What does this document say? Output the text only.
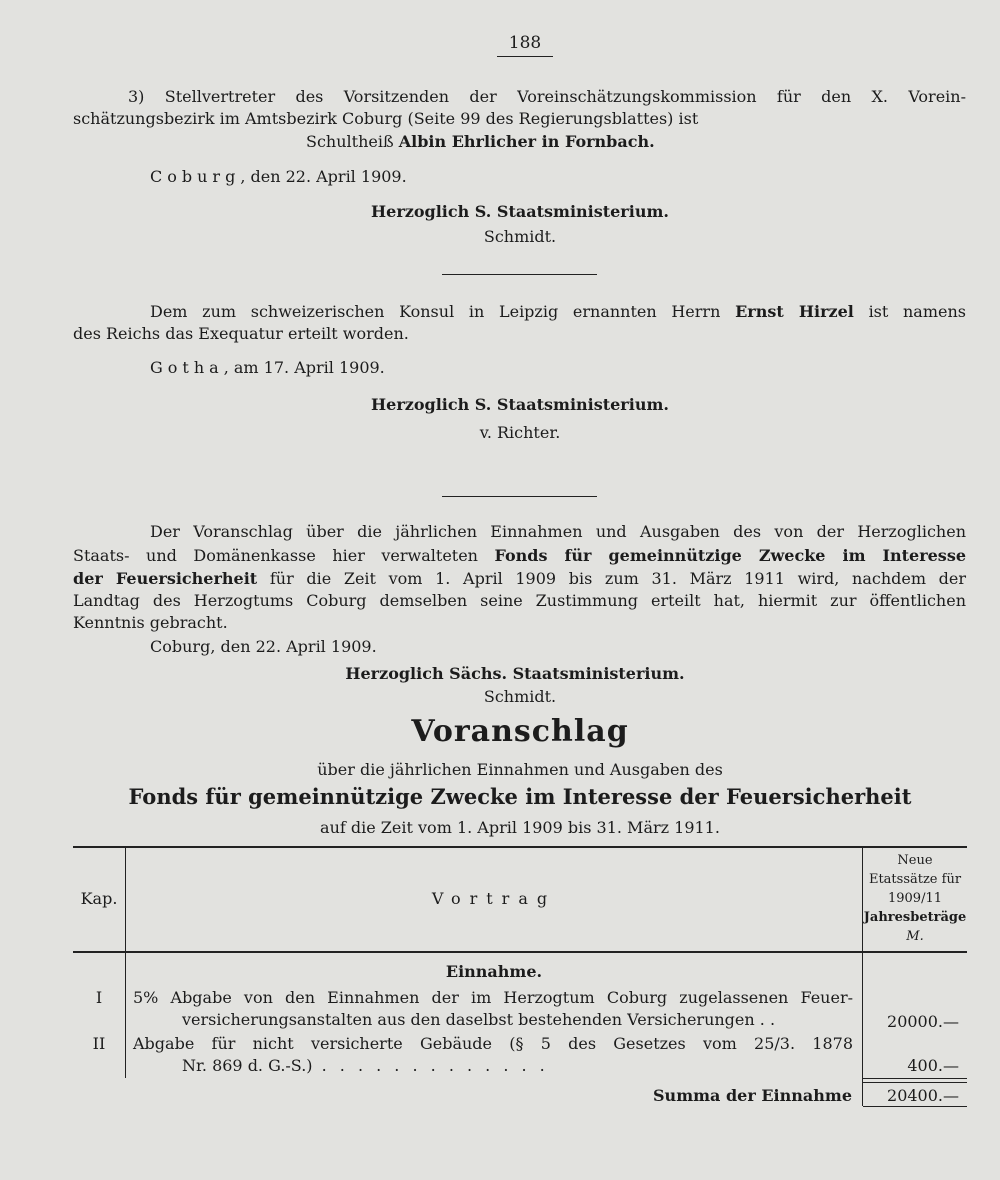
188
3) Stellvertreter des Vorsitzenden der Voreinschätzungskommission für den X. Vorein-
schätzungsbezirk im Amtsbezirk Coburg (Seite 99 des Regierungsblattes) ist
Schultheiß Albin Ehrlicher in Fornbach.
Coburg, den 22. April 1909.
Herzoglich S. Staatsministerium.
Schmidt.
Dem zum schweizerischen Konsul in Leipzig ernannten Herrn Ernst Hirzel ist namens
des Reichs das Exequatur erteilt worden.
Gotha, am 17. April 1909.
Herzoglich S. Staatsministerium.
v. Richter.
Der Voranschlag über die jährlichen Einnahmen und Ausgaben des von der Herzoglichen
Staats- und Domänenkasse hier verwalteten Fonds für gemeinnützige Zwecke im Interesse
der Feuersicherheit für die Zeit vom 1. April 1909 bis zum 31. März 1911 wird, nachdem der
Landtag des Herzogtums Coburg demselben seine Zustimmung erteilt hat, hiermit zur öffentlichen
Kenntnis gebracht.
Coburg, den 22. April 1909.
Herzoglich Sächs. Staatsministerium.
Schmidt.
Voranschlag
über die jährlichen Einnahmen und Ausgaben des
Fonds für gemeinnützige Zwecke im Interesse der Feuersicherheit
auf die Zeit vom 1. April 1909 bis 31. März 1911.
Kap.	Vortrag
Neue
Etatssätze für
1909/11
Jahresbeträge
M.
Einnahme.
I	5% Abgabe von den Einnahmen der im Herzogtum Coburg zugelassenen Feuer-
versicherungsanstalten aus den daselbst bestehenden Versicherungen . .	20000.—
II	Abgabe für nicht versicherte Gebäude (§ 5 des Gesetzes vom 25/3. 1878
Nr. 869 d. G.-S.) . . . . . . . . . . . . .	400.—
Summa der Einnahme	20400.—
